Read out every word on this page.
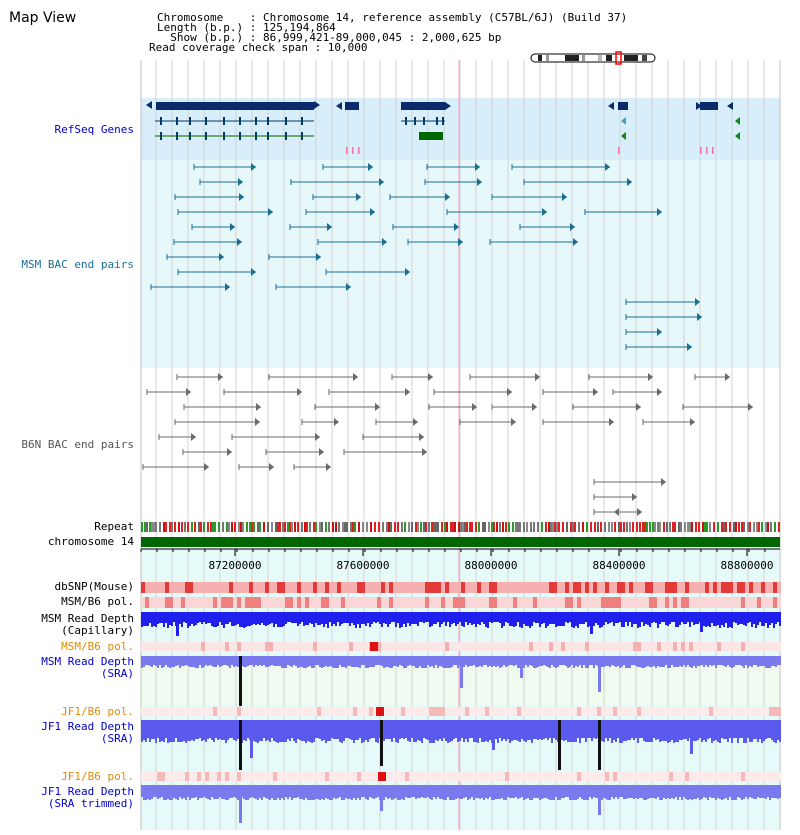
87200000	87600000	88000000	88400000	88800000
Map View	Chromosome    : Chromosome 14, reference assembly (C57BL/6J) (Build 37)
Length (b.p.) : 125,194,864
Show (b.p.) : 86,999,421-89,000,045 : 2,000,625 bp
Read coverage check span : 10,000
RefSeq Genes
MSM BAC end pairs
B6N BAC end pairs
Repeat
chromosome 14
dbSNP(Mouse)
MSM/B6 pol.
MSM Read Depth
(Capillary)
MSM/B6 pol.
MSM Read Depth
(SRA)
JF1/B6 pol.
JF1 Read Depth
(SRA)
JF1/B6 pol.
JF1 Read Depth
(SRA trimmed)
